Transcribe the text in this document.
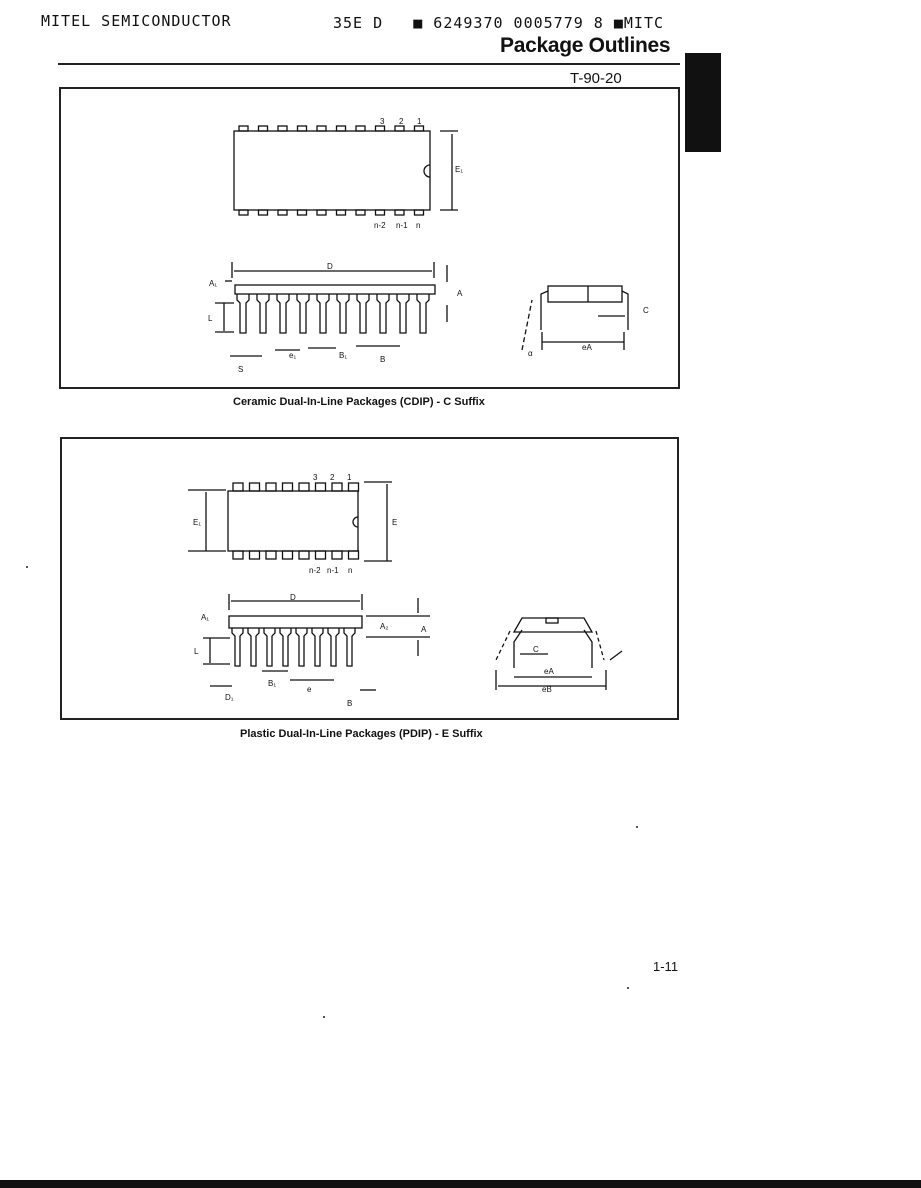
MITEL SEMICONDUCTOR	35E D   ■ 6249370 0005779 8 ■MITC
Package Outlines
T-90-20
3 2 1
n-2 n-1 n
E₁
D
A
A₁
L
S
e₁	B₁	B
α
eA
C
3 2 1
n-2 n-1 n
E₁	E
D
A₁
A₂	A
L
B₁
e
D₁
B
C
eA
eB
Ceramic Dual-In-Line Packages (CDIP) - C Suffix
Plastic Dual-In-Line Packages (PDIP) - E Suffix
1-11
